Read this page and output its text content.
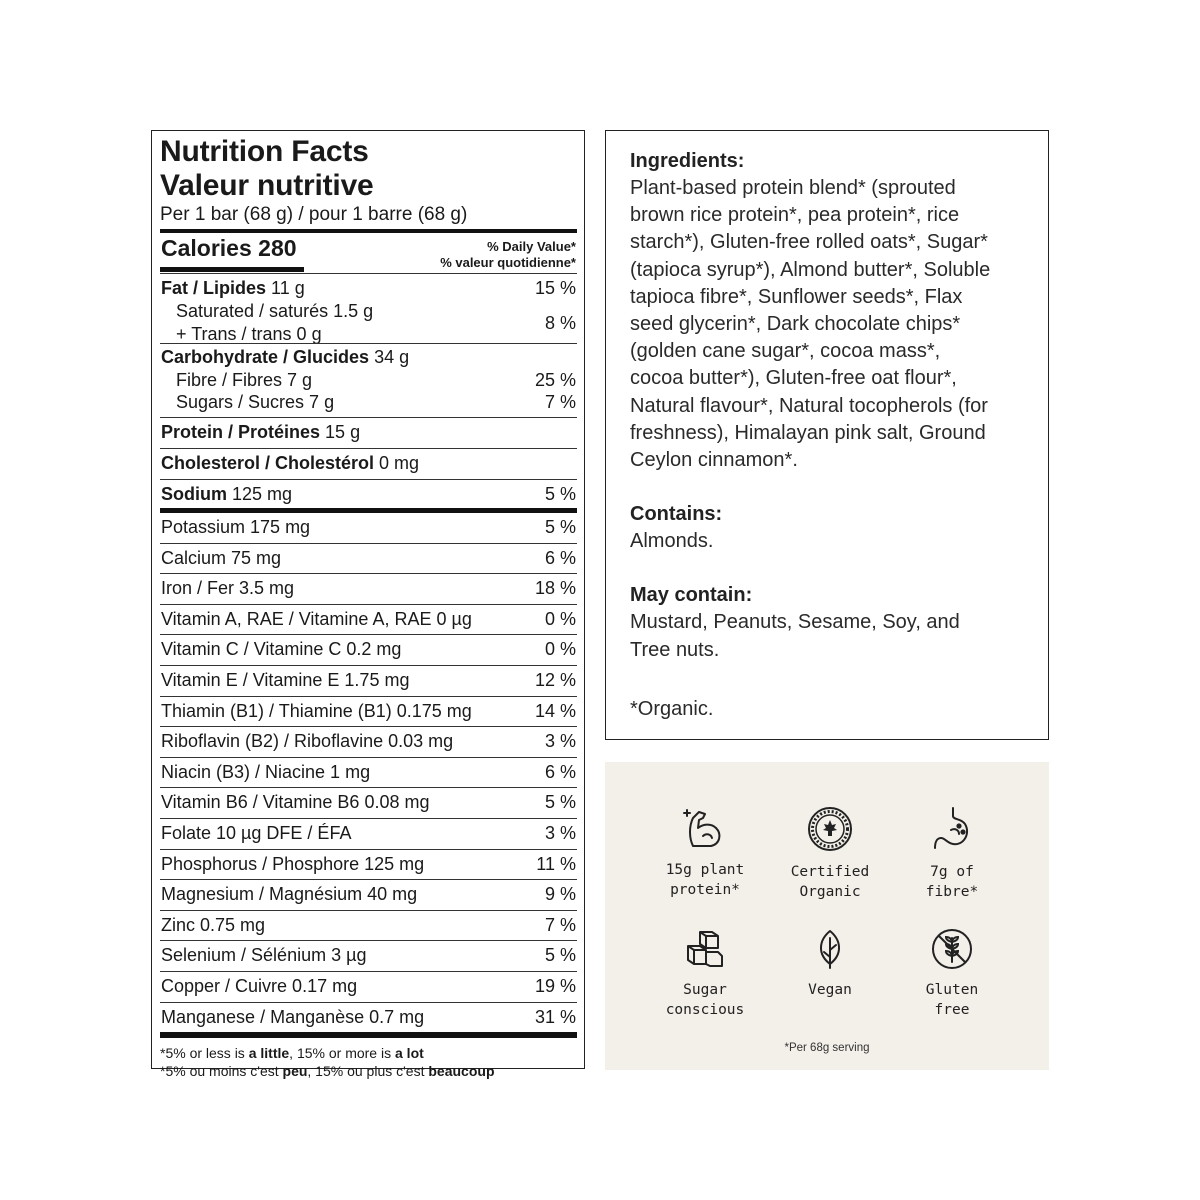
Nutrition Facts
Valeur nutritive
Per 1 bar (68 g) / pour 1 barre (68 g)
Calories 280	% Daily Value*
% valeur quotidienne*
Fat / Lipides 11 g	15 %
Saturated / saturés 1.5 g
+ Trans / trans 0 g
8 %
Carbohydrate / Glucides 34 g
Fibre / Fibres 7 g	25 %
Sugars / Sucres 7 g	7 %
Protein / Protéines 15 g
Cholesterol / Cholestérol 0 mg
Sodium 125 mg	5 %
Potassium 175 mg	5 %
Calcium 75 mg	6 %
Iron / Fer 3.5 mg	18 %
Vitamin A, RAE / Vitamine A, RAE 0 µg	0 %
Vitamin C / Vitamine C 0.2 mg	0 %
Vitamin E / Vitamine E 1.75 mg	12 %
Thiamin (B1) / Thiamine (B1) 0.175 mg	14 %
Riboflavin (B2) / Riboflavine 0.03 mg	3 %
Niacin (B3) / Niacine 1 mg	6 %
Vitamin B6 / Vitamine B6 0.08 mg	5 %
Folate 10 µg DFE / ÉFA	3 %
Phosphorus / Phosphore 125 mg	11 %
Magnesium / Magnésium 40 mg	9 %
Zinc 0.75 mg	7 %
Selenium / Sélénium 3 µg	5 %
Copper / Cuivre 0.17 mg	19 %
Manganese / Manganèse 0.7 mg	31 %
*5% or less is a little, 15% or more is a lot
*5% ou moins c'est peu, 15% ou plus c'est beaucoup
Ingredients:

Plant-based protein blend* (sprouted

brown rice protein*, pea protein*, rice

starch*), Gluten-free rolled oats*, Sugar*

(tapioca syrup*), Almond butter*, Soluble

tapioca fibre*, Sunflower seeds*, Flax

seed glycerin*, Dark chocolate chips*

(golden cane sugar*, cocoa mass*,

cocoa butter*), Gluten-free oat flour*,

Natural flavour*, Natural tocopherols (for

freshness), Himalayan pink salt, Ground

Ceylon cinnamon*.

Contains:

Almonds.

May contain:

Mustard, Peanuts, Sesame, Soy, and

Tree nuts.

*Organic.

15g plant
protein*
Certified
Organic
7g of
fibre*
Sugar
conscious
Vegan	Gluten
free
*Per 68g serving
